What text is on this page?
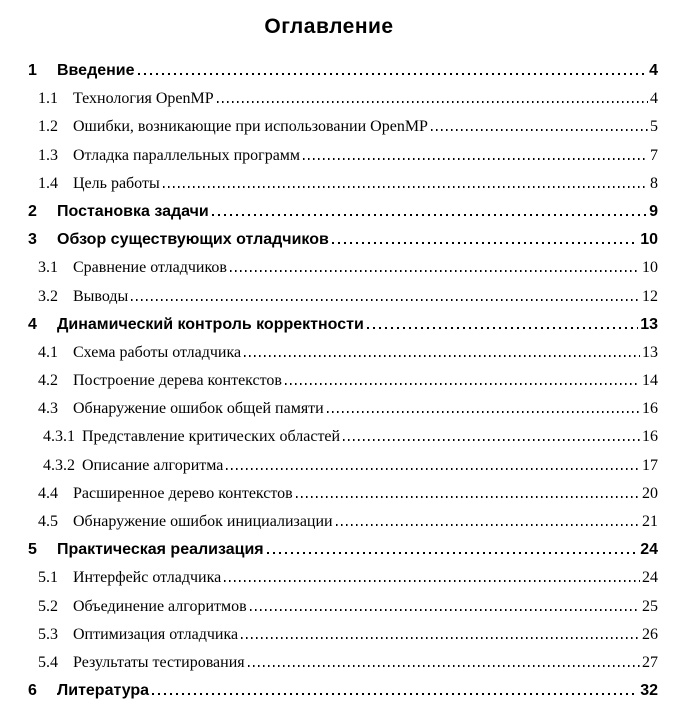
Оглавление
1	Введение	4
1.1 Технология OpenMP	4
1.2 Ошибки, возникающие при использовании OpenMP	5
1.3 Отладка параллельных программ	7
1.4 Цель работы	8
2	Постановка задачи	9
3	Обзор существующих отладчиков	10
3.1 Сравнение отладчиков	10
3.2 Выводы	12
4	Динамический контроль корректности	13
4.1 Схема работы отладчика	13
4.2 Построение дерева контекстов	14
4.3 Обнаружение ошибок общей памяти	16
4.3.1 Представление критических областей	16
4.3.2 Описание алгоритма	17
4.4 Расширенное дерево контекстов	20
4.5 Обнаружение ошибок инициализации	21
5	Практическая реализация	24
5.1 Интерфейс отладчика	24
5.2 Объединение алгоритмов	25
5.3 Оптимизация отладчика	26
5.4 Результаты тестирования	27
6	Литература	32
